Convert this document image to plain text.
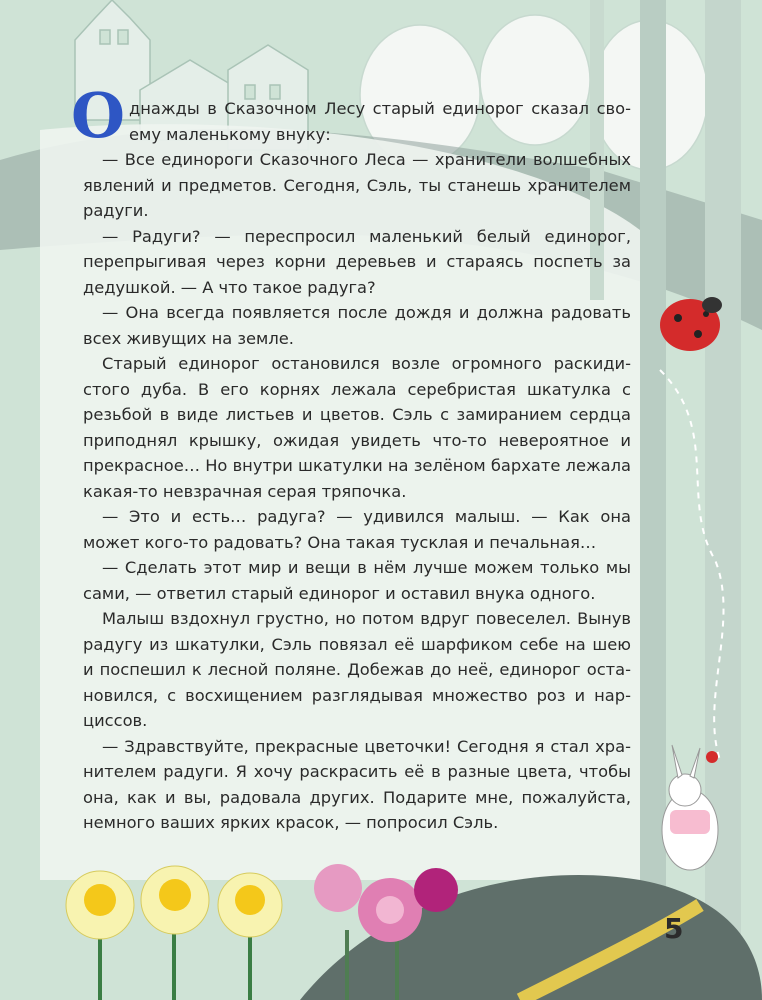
Однажды в Сказочном Лесу старый единорог сказал своему маленькому внуку:

— Все единороги Сказочного Леса — хранители волшебных явлений и предметов. Сегодня, Сэль, ты станешь хранителем радуги.

— Радуги? — переспросил маленький белый единорог, перепрыгивая через корни деревьев и стараясь поспеть за дедушкой. — А что такое радуга?

— Она всегда появляется после дождя и должна радовать всех живущих на земле.

Старый единорог остановился возле огромного раскидистого дуба. В его корнях лежала серебристая шкатулка с резьбой в виде листьев и цветов. Сэль с замиранием сердца приподнял крышку, ожидая увидеть что-то невероятное и прекрасное… Но внутри шкатулки на зелёном бархате лежала какая-то невзрачная серая тряпочка.

— Это и есть… радуга? — удивился малыш. — Как она может кого-то радовать? Она такая тусклая и печальная…

— Сделать этот мир и вещи в нём лучше можем только мы сами, — ответил старый единорог и оставил внука одного.

Малыш вздохнул грустно, но потом вдруг повеселел. Вынув радугу из шкатулки, Сэль повязал её шарфиком себе на шею и поспешил к лесной поляне. Добежав до неё, единорог остановился, с восхищением разглядывая множество роз и нарциссов.

— Здравствуйте, прекрасные цветочки! Сегодня я стал хранителем радуги. Я хочу раскрасить её в разные цвета, чтобы она, как и вы, радовала других. Подарите мне, пожалуйста, немного ваших ярких красок, — попросил Сэль.

5
